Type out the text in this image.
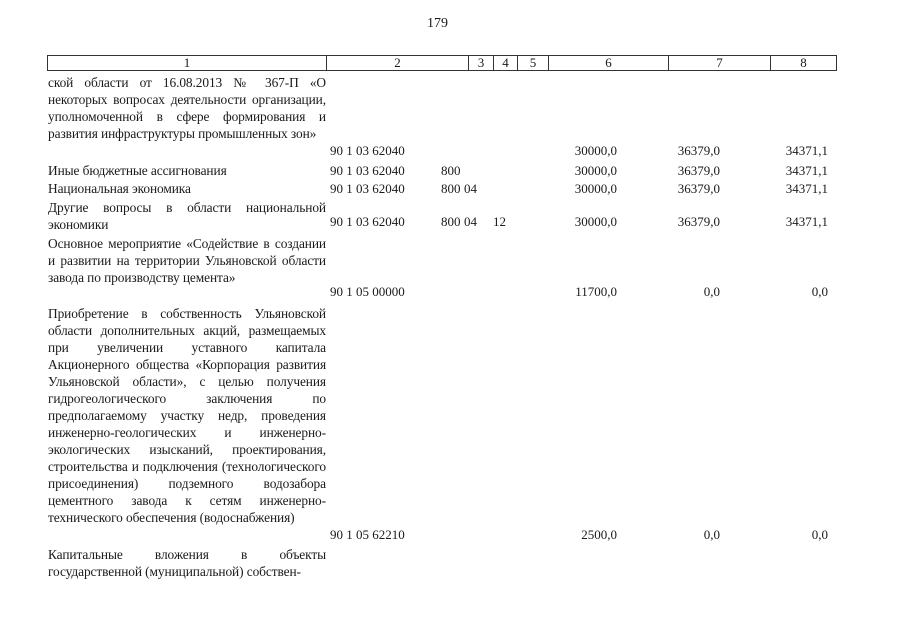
179
1	2	3	4	5	6	7	8
ской области от 16.08.2013 № 367-П «О некоторых вопросах деятельности организации, уполномоченной в сфере формирования и развития инфраструктуры промышленных зон»
90 1 03 62040	30000,0	36379,0	34371,1
Иные бюджетные ассигнования	90 1 03 62040	800	30000,0	36379,0	34371,1
Национальная экономика	90 1 03 62040	800 04	30000,0	36379,0	34371,1
Другие вопросы в области национальной экономики	90 1 03 62040	800 04 12	30000,0	36379,0	34371,1
Основное мероприятие «Содействие в создании и развитии на территории Ульяновской области завода по производству цемента»
90 1 05 00000	11700,0	0,0	0,0
Приобретение в собственность Ульяновской области дополнительных акций, размещаемых при увеличении уставного капитала Акционерного общества «Корпорация развития Ульяновской области», с целью получения гидрогеологического заключения по предполагаемому участку недр, проведения инженерно-геологических и инженерно-экологических изысканий, проектирования, строительства и подключения (технологического присоединения) подземного водозабора цементного завода к сетям инженерно-технического обеспечения (водоснабжения)
90 1 05 62210	2500,0	0,0	0,0
Капитальные вложения в объекты государственной (муниципальной) собствен-
